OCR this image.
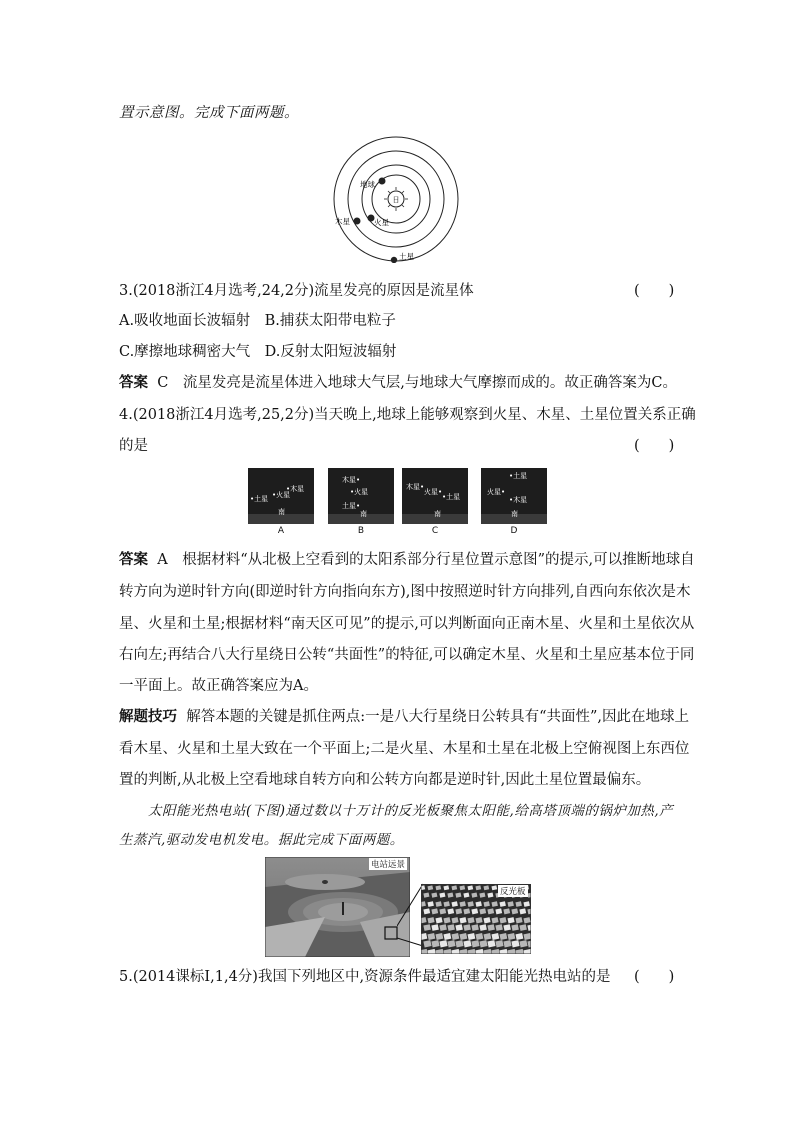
置示意图。完成下面两题。
日
地球
火星
木星
土星
3.(2018浙江4月选考,24,2分)流星发亮的原因是流星体	(　　)
A.吸收地面长波辐射　B.捕获太阳带电粒子
C.摩擦地球稠密大气　D.反射太阳短波辐射
答案 C　流星发亮是流星体进入地球大气层,与地球大气摩擦而成的。故正确答案为C。
4.(2018浙江4月选考,25,2分)当天晚上,地球上能够观察到火星、木星、土星位置关系正确
的是	(　　)
•木星
•火星
•土星
南
A
木星•
•火星
土星•
南
B
木星•
火星•
•土星
南
C
•土星
火星•
•木星
南
D
答案 A　根据材料“从北极上空看到的太阳系部分行星位置示意图”的提示,可以推断地球自
转方向为逆时针方向(即逆时针方向指向东方),图中按照逆时针方向排列,自西向东依次是木
星、火星和土星;根据材料“南天区可见”的提示,可以判断面向正南木星、火星和土星依次从
右向左;再结合八大行星绕日公转“共面性”的特征,可以确定木星、火星和土星应基本位于同
一平面上。故正确答案应为A。
解题技巧 解答本题的关键是抓住两点:一是八大行星绕日公转具有“共面性”,因此在地球上
看木星、火星和土星大致在一个平面上;二是火星、木星和土星在北极上空俯视图上东西位
置的判断,从北极上空看地球自转方向和公转方向都是逆时针,因此土星位置最偏东。
太阳能光热电站(下图)通过数以十万计的反光板聚焦太阳能,给高塔顶端的锅炉加热,产
生蒸汽,驱动发电机发电。据此完成下面两题。
电站远景
反光板
5.(2014课标Ⅰ,1,4分)我国下列地区中,资源条件最适宜建太阳能光热电站的是 (　　)
